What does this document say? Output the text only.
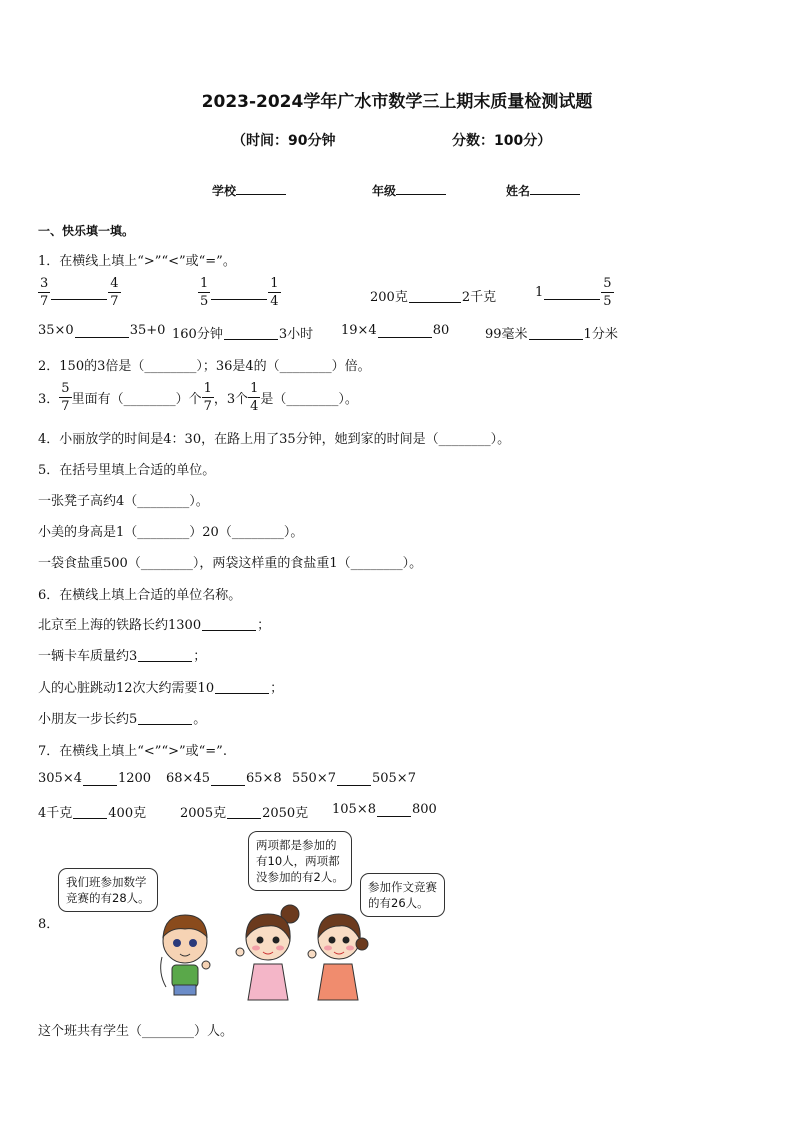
2023-2024学年广水市数学三上期末质量检测试题
（时间：90分钟	分数：100分）
学校	年级	姓名
一、快乐填一填。
1．在横线上填上“>”“<”或“=”。
$\frac{3}{7}$	$\frac{4}{7}$	$\frac{1}{5}$	$\frac{1}{4}$	200克	2千克	1	$\frac{5}{5}$
35×0	35+0 160分钟	3小时 19×4	80	99毫米	1分米
2．150的3倍是（________）；36是4的（________）倍。
3． $\frac{5}{7}$ 里面有（________）个 $\frac{1}{7}$ ，3个 $\frac{1}{4}$ 是（________）。
4．小丽放学的时间是4：30，在路上用了35分钟，她到家的时间是（________）。
5．在括号里填上合适的单位。
一张凳子高约4（________）。
小美的身高是1（________）20（________）。
一袋食盐重500（________），两袋这样重的食盐重1（________）。
6．在横线上填上合适的单位名称。
北京至上海的铁路长约1300	；
一辆卡车质量约3	；
人的心脏跳动12次大约需要10	；
小朋友一步长约5	。
7．在横线上填上“<”“>”或“=”.
305×4	1200 68×45	65×8 550×7	505×7
4千克	400克	2005克	2050克 105×8	800
8．
我们班参加数学
竞赛的有28人。
两项都是参加的
有10人，两项都
没参加的有2人。
参加作文竞赛
的有26人。
这个班共有学生（________）人。
